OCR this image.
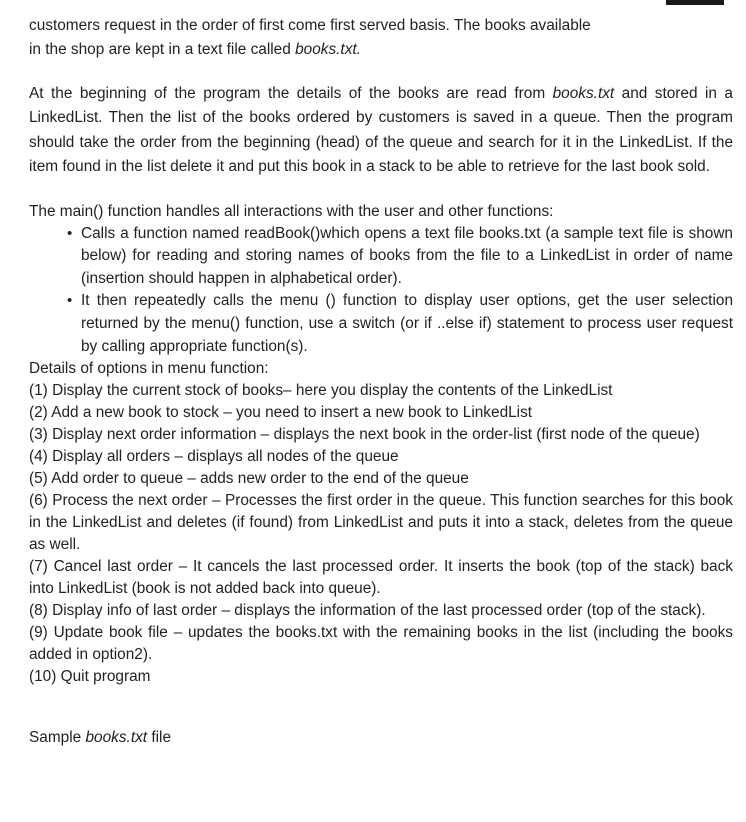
customers request in the order of first come first served basis. The books available

in the shop are kept in a text file called books.txt.

At the beginning of the program the details of the books are read from books.txt and stored in a LinkedList. Then the list of the books ordered by customers is saved in a queue. Then the program should take the order from the beginning (head) of the queue and search for it in the LinkedList. If the item found in the list delete it and put this book in a stack to be able to retrieve for the last book sold.

The main() function handles all interactions with the user and other functions:

• Calls a function named readBook()which opens a text file books.txt (a sample text file is shown below) for reading and storing names of books from the file to a LinkedList in order of name (insertion should happen in alphabetical order).

• It then repeatedly calls the menu () function to display user options, get the user selection returned by the menu() function, use a switch (or if ..else if) statement to process user request by calling appropriate function(s).

Details of options in menu function:

(1) Display the current stock of books– here you display the contents of the LinkedList

(2) Add a new book to stock – you need to insert a new book to LinkedList

(3) Display next order information – displays the next book in the order-list (first node of the queue)

(4) Display all orders – displays all nodes of the queue

(5) Add order to queue – adds new order to the end of the queue

(6) Process the next order – Processes the first order in the queue. This function searches for this book in the LinkedList and deletes (if found) from LinkedList and puts it into a stack, deletes from the queue as well.

(7) Cancel last order – It cancels the last processed order. It inserts the book (top of the stack) back into LinkedList (book is not added back into queue).

(8) Display info of last order – displays the information of the last processed order (top of the stack).

(9) Update book file – updates the books.txt with the remaining books in the list (including the books added in option2).

(10) Quit program

Sample books.txt file
